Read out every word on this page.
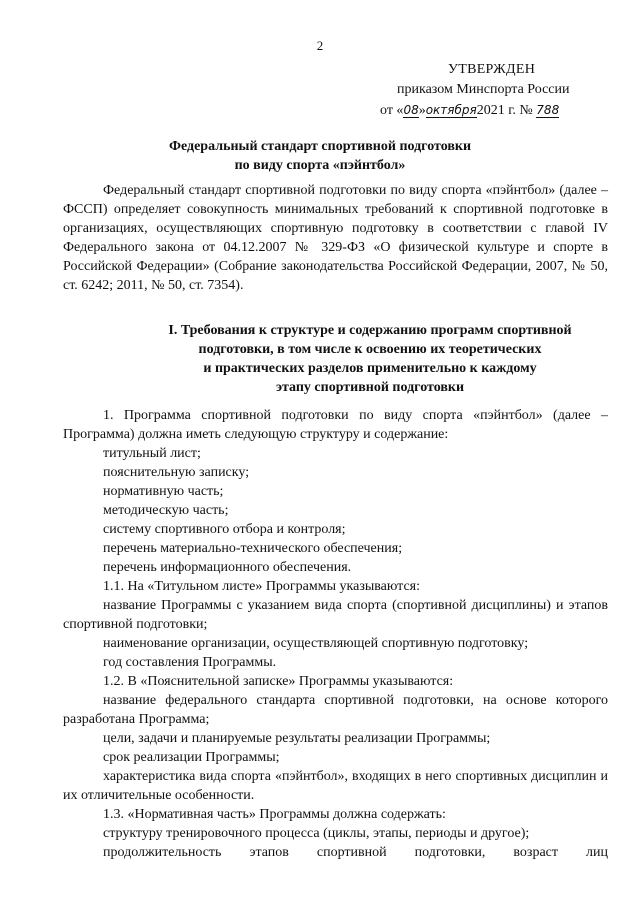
2
УТВЕРЖДЕН
приказом Минспорта России
от «08»октября2021 г. № 788
Федеральный стандарт спортивной подготовки
по виду спорта «пэйнтбол»
Федеральный стандарт спортивной подготовки по виду спорта «пэйнтбол» (далее – ФССП) определяет совокупность минимальных требований к спортивной подготовке в организациях, осуществляющих спортивную подготовку в соответствии с главой IV Федерального закона от 04.12.2007 № 329-ФЗ «О физической культуре и спорте в Российской Федерации» (Собрание законодательства Российской Федерации, 2007, № 50, ст. 6242; 2011, № 50, ст. 7354).
I. Требования к структуре и содержанию программ спортивной
подготовки, в том числе к освоению их теоретических
и практических разделов применительно к каждому
этапу спортивной подготовки
1. Программа спортивной подготовки по виду спорта «пэйнтбол» (далее – Программа) должна иметь следующую структуру и содержание:
титульный лист;
пояснительную записку;
нормативную часть;
методическую часть;
систему спортивного отбора и контроля;
перечень материально-технического обеспечения;
перечень информационного обеспечения.
1.1. На «Титульном листе» Программы указываются:
название Программы с указанием вида спорта (спортивной дисциплины) и этапов спортивной подготовки;
наименование организации, осуществляющей спортивную подготовку;
год составления Программы.
1.2. В «Пояснительной записке» Программы указываются:
название федерального стандарта спортивной подготовки, на основе которого разработана Программа;
цели, задачи и планируемые результаты реализации Программы;
срок реализации Программы;
характеристика вида спорта «пэйнтбол», входящих в него спортивных дисциплин и их отличительные особенности.
1.3. «Нормативная часть» Программы должна содержать:
структуру тренировочного процесса (циклы, этапы, периоды и другое);
продолжительность этапов спортивной подготовки, возраст лиц
